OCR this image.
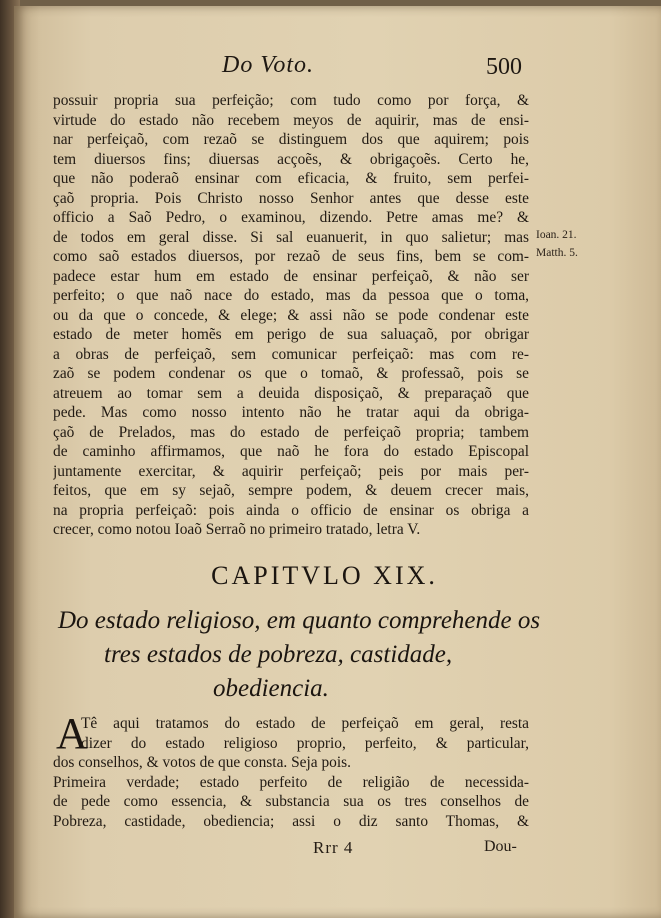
Do Voto.	500
possuir propria sua perfeição; com tudo como por força, &
virtude do estado não recebem meyos de aquirir, mas de ensi-
nar perfeiçaõ, com rezaõ se distinguem dos que aquirem; pois
tem diuersos fins; diuersas acçoẽs, & obrigaçoẽs. Certo he,
que não poderaõ ensinar com eficacia, & fruito, sem perfei-
çaõ propria. Pois Christo nosso Senhor antes que desse este
officio a Saõ Pedro, o examinou, dizendo. Petre amas me? &
de todos em geral disse. Si sal euanuerit, in quo salietur; mas
como saõ estados diuersos, por rezaõ de seus fins, bem se com-
padece estar hum em estado de ensinar perfeiçaõ, & não ser
perfeito; o que naõ nace do estado, mas da pessoa que o toma,
ou da que o concede, & elege; & assi não se pode condenar este
estado de meter homẽs em perigo de sua saluaçaõ, por obrigar
a obras de perfeiçaõ, sem comunicar perfeiçaõ: mas com re-
zaõ se podem condenar os que o tomaõ, & professaõ, pois se
atreuem ao tomar sem a deuida disposiçaõ, & preparaçaõ que
pede. Mas como nosso intento não he tratar aqui da obriga-
çaõ de Prelados, mas do estado de perfeiçaõ propria; tambem
de caminho affirmamos, que naõ he fora do estado Episcopal
juntamente exercitar, & aquirir perfeiçaõ; peis por mais per-
feitos, que em sy sejaõ, sempre podem, & deuem crecer mais,
na propria perfeiçaõ: pois ainda o officio de ensinar os obriga a
crecer, como notou Ioaõ Serraõ no primeiro tratado, letra V.
Ioan. 21.
Matth. 5.
CAPITVLO XIX.
Do estado religioso, em quanto comprehende os
tres estados de pobreza, castidade,
obediencia.
A
Tê aqui tratamos do estado de perfeiçaõ em geral, resta
dizer do estado religioso proprio, perfeito, & particular,
dos conselhos, & votos de que consta. Seja pois.
Primeira verdade; estado perfeito de religião de necessida-
de pede como essencia, & substancia sua os tres conselhos de
Pobreza, castidade, obediencia; assi o diz santo Thomas, &
Rrr 4	Dou-
